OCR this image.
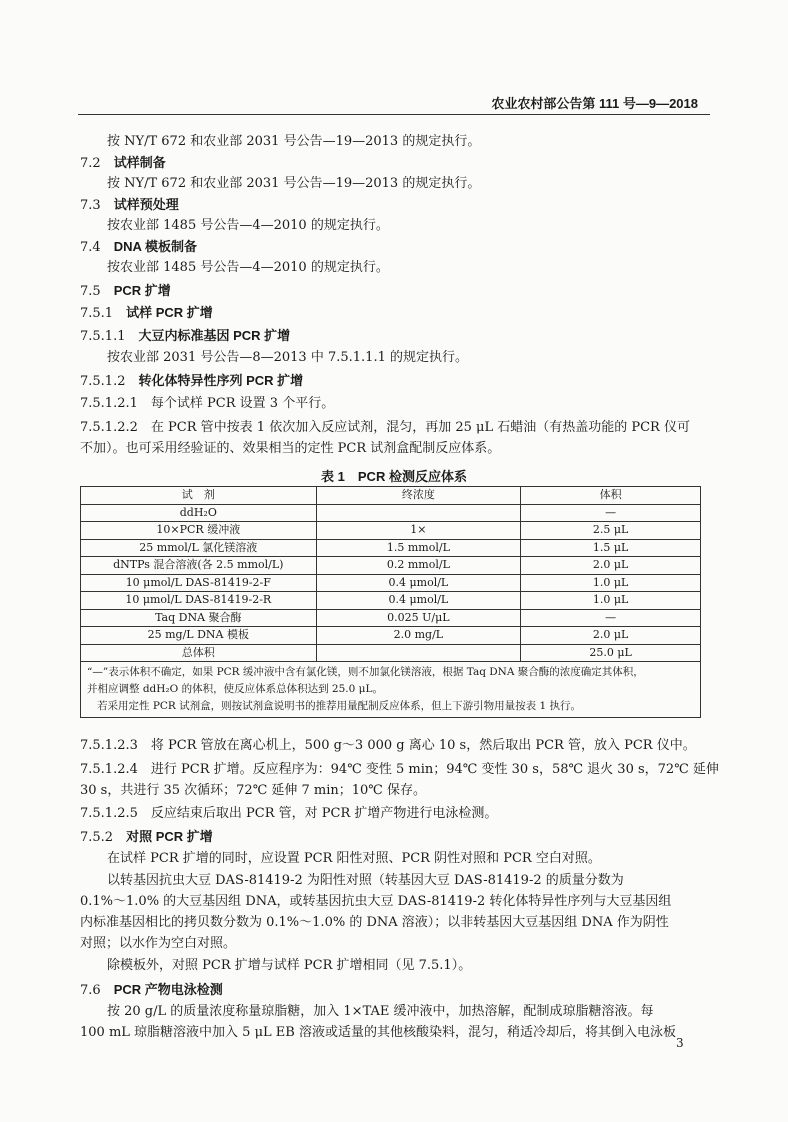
农业农村部公告第 111 号—9—2018
按 NY/T 672 和农业部 2031 号公告—19—2013 的规定执行。
7.2　 试样制备
按 NY/T 672 和农业部 2031 号公告—19—2013 的规定执行。
7.3　 试样预处理
按农业部 1485 号公告—4—2010 的规定执行。
7.4　 DNA 模板制备
按农业部 1485 号公告—4—2010 的规定执行。
7.5　 PCR 扩增
7.5.1　 试样 PCR 扩增
7.5.1.1　 大豆内标准基因 PCR 扩增
按农业部 2031 号公告—8—2013 中 7.5.1.1.1 的规定执行。
7.5.1.2　 转化体特异性序列 PCR 扩增
7.5.1.2.1　 每个试样 PCR 设置 3 个平行。
7.5.1.2.2　 在 PCR 管中按表 1 依次加入反应试剂，混匀，再加 25 μL 石蜡油（有热盖功能的 PCR 仪可
不加）。也可采用经验证的、效果相当的定性 PCR 试剂盒配制反应体系。
表 1　PCR 检测反应体系
试　剂	终浓度	体积
ddH₂O		—
10×PCR 缓冲液	1×	2.5 μL
25 mmol/L 氯化镁溶液	1.5 mmol/L	1.5 μL
dNTPs 混合溶液(各 2.5 mmol/L)	0.2 mmol/L	2.0 μL
10 μmol/L DAS-81419-2-F	0.4 μmol/L	1.0 μL
10 μmol/L DAS-81419-2-R	0.4 μmol/L	1.0 μL
Taq DNA 聚合酶	0.025 U/μL	—
25 mg/L DNA 模板	2.0 mg/L	2.0 μL
总体积		25.0 μL

“—”表示体积不确定，如果 PCR 缓冲液中含有氯化镁，则不加氯化镁溶液，根据 Taq DNA 聚合酶的浓度确定其体积，
并相应调整 ddH₂O 的体积，使反应体系总体积达到 25.0 μL。
若采用定性 PCR 试剂盒，则按试剂盒说明书的推荐用量配制反应体系，但上下游引物用量按表 1 执行。		
7.5.1.2.3　 将 PCR 管放在离心机上，500 g～3 000 g 离心 10 s，然后取出 PCR 管，放入 PCR 仪中。
7.5.1.2.4　 进行 PCR 扩增。反应程序为：94℃ 变性 5 min；94℃ 变性 30 s，58℃ 退火 30 s，72℃ 延伸
30 s，共进行 35 次循环；72℃ 延伸 7 min；10℃ 保存。
7.5.1.2.5　 反应结束后取出 PCR 管，对 PCR 扩增产物进行电泳检测。
7.5.2　 对照 PCR 扩增
在试样 PCR 扩增的同时，应设置 PCR 阳性对照、PCR 阴性对照和 PCR 空白对照。
以转基因抗虫大豆 DAS-81419-2 为阳性对照（转基因大豆 DAS-81419-2 的质量分数为
0.1%～1.0% 的大豆基因组 DNA，或转基因抗虫大豆 DAS-81419-2 转化体特异性序列与大豆基因组
内标准基因相比的拷贝数分数为 0.1%～1.0% 的 DNA 溶液）；以非转基因大豆基因组 DNA 作为阴性
对照；以水作为空白对照。
除模板外，对照 PCR 扩增与试样 PCR 扩增相同（见 7.5.1）。
7.6　 PCR 产物电泳检测
按 20 g/L 的质量浓度称量琼脂糖，加入 1×TAE 缓冲液中，加热溶解，配制成琼脂糖溶液。每
100 mL 琼脂糖溶液中加入 5 μL EB 溶液或适量的其他核酸染料，混匀，稍适冷却后，将其倒入电泳板
3
